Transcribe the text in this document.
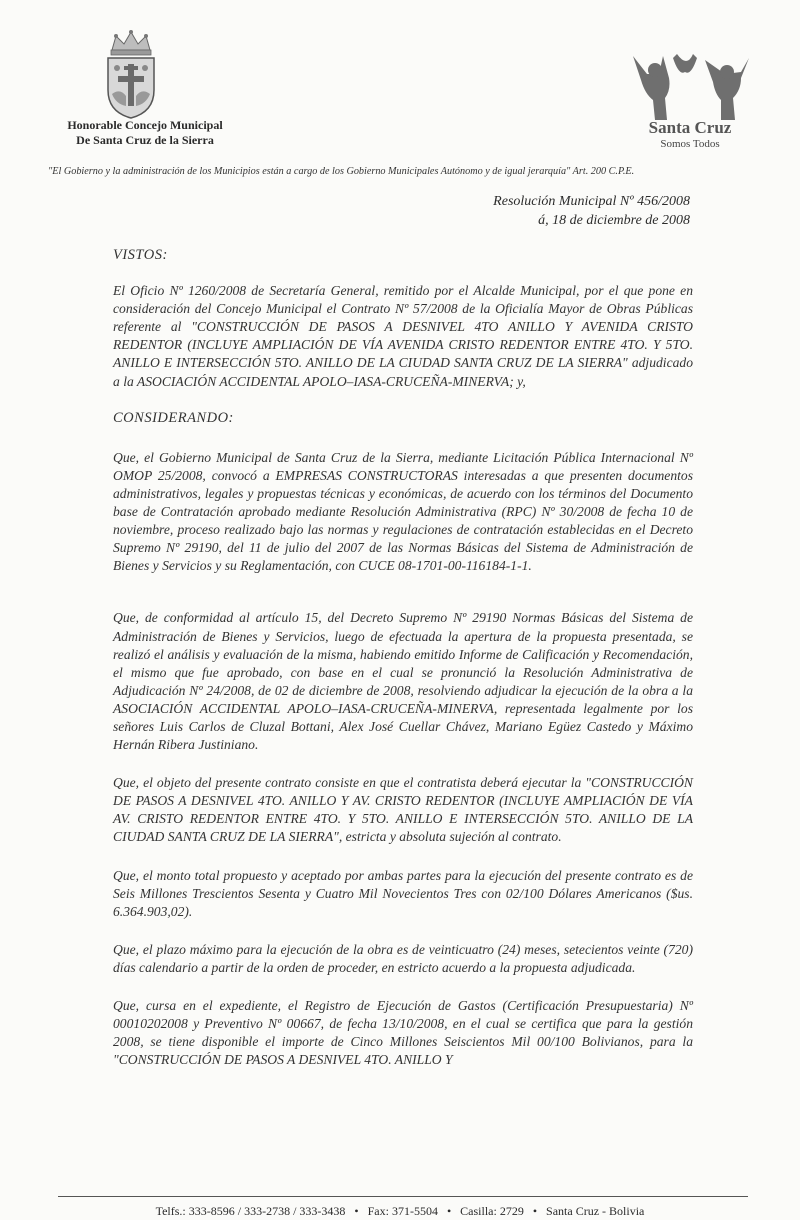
Honorable Concejo Municipal
De Santa Cruz de la Sierra
Santa Cruz
Somos Todos
"El Gobierno y la administración de los Municipios están a cargo de los Gobierno Municipales Autónomo y de igual jerarquía" Art. 200 C.P.E.
Resolución Municipal Nº 456/2008
á, 18 de diciembre de 2008

VISTOS:

El Oficio Nº 1260/2008 de Secretaría General, remitido por el Alcalde Municipal, por el que pone en consideración del Concejo Municipal el Contrato Nº 57/2008 de la Oficialía Mayor de Obras Públicas referente al "CONSTRUCCIÓN DE PASOS A DESNIVEL 4TO ANILLO Y AVENIDA CRISTO REDENTOR (INCLUYE AMPLIACIÓN DE VÍA AVENIDA CRISTO REDENTOR ENTRE 4TO. Y 5TO. ANILLO E INTERSECCIÓN 5TO. ANILLO DE LA CIUDAD SANTA CRUZ DE LA SIERRA" adjudicado a la ASOCIACIÓN ACCIDENTAL APOLO–IASA-CRUCEÑA-MINERVA; y,

CONSIDERANDO:

Que, el Gobierno Municipal de Santa Cruz de la Sierra, mediante Licitación Pública Internacional Nº OMOP 25/2008, convocó a EMPRESAS CONSTRUCTORAS interesadas a que presenten documentos administrativos, legales y propuestas técnicas y económicas, de acuerdo con los términos del Documento base de Contratación aprobado mediante Resolución Administrativa (RPC) Nº 30/2008 de fecha 10 de noviembre, proceso realizado bajo las normas y regulaciones de contratación establecidas en el Decreto Supremo Nº 29190, del 11 de julio del 2007 de las Normas Básicas del Sistema de Administración de Bienes y Servicios y su Reglamentación, con CUCE 08-1701-00-116184-1-1.

Que, de conformidad al artículo 15, del Decreto Supremo Nº 29190 Normas Básicas del Sistema de Administración de Bienes y Servicios, luego de efectuada la apertura de la propuesta presentada, se realizó el análisis y evaluación de la misma, habiendo emitido Informe de Calificación y Recomendación, el mismo que fue aprobado, con base en el cual se pronunció la Resolución Administrativa de Adjudicación Nº 24/2008, de 02 de diciembre de 2008, resolviendo adjudicar la ejecución de la obra a la ASOCIACIÓN ACCIDENTAL APOLO–IASA-CRUCEÑA-MINERVA, representada legalmente por los señores Luis Carlos de Cluzal Bottani, Alex José Cuellar Chávez, Mariano Egüez Castedo y Máximo Hernán Ribera Justiniano.

Que, el objeto del presente contrato consiste en que el contratista deberá ejecutar la "CONSTRUCCIÓN DE PASOS A DESNIVEL 4TO. ANILLO Y AV. CRISTO REDENTOR (INCLUYE AMPLIACIÓN DE VÍA AV. CRISTO REDENTOR ENTRE 4TO. Y 5TO. ANILLO E INTERSECCIÓN 5TO. ANILLO DE LA CIUDAD SANTA CRUZ DE LA SIERRA", estricta y absoluta sujeción al contrato.

Que, el monto total propuesto y aceptado por ambas partes para la ejecución del presente contrato es de Seis Millones Trescientos Sesenta y Cuatro Mil Novecientos Tres con 02/100 Dólares Americanos ($us. 6.364.903,02).

Que, el plazo máximo para la ejecución de la obra es de veinticuatro (24) meses, setecientos veinte (720) días calendario a partir de la orden de proceder, en estricto acuerdo a la propuesta adjudicada.

Que, cursa en el expediente, el Registro de Ejecución de Gastos (Certificación Presupuestaria) Nº 00010202008 y Preventivo Nº 00667, de fecha 13/10/2008, en el cual se certifica que para la gestión 2008, se tiene disponible el importe de Cinco Millones Seiscientos Mil 00/100 Bolivianos, para la "CONSTRUCCIÓN DE PASOS A DESNIVEL 4TO. ANILLO Y

Telfs.: 333-8596 / 333-2738 / 333-3438 • Fax: 371-5504 • Casilla: 2729 • Santa Cruz - Bolivia
